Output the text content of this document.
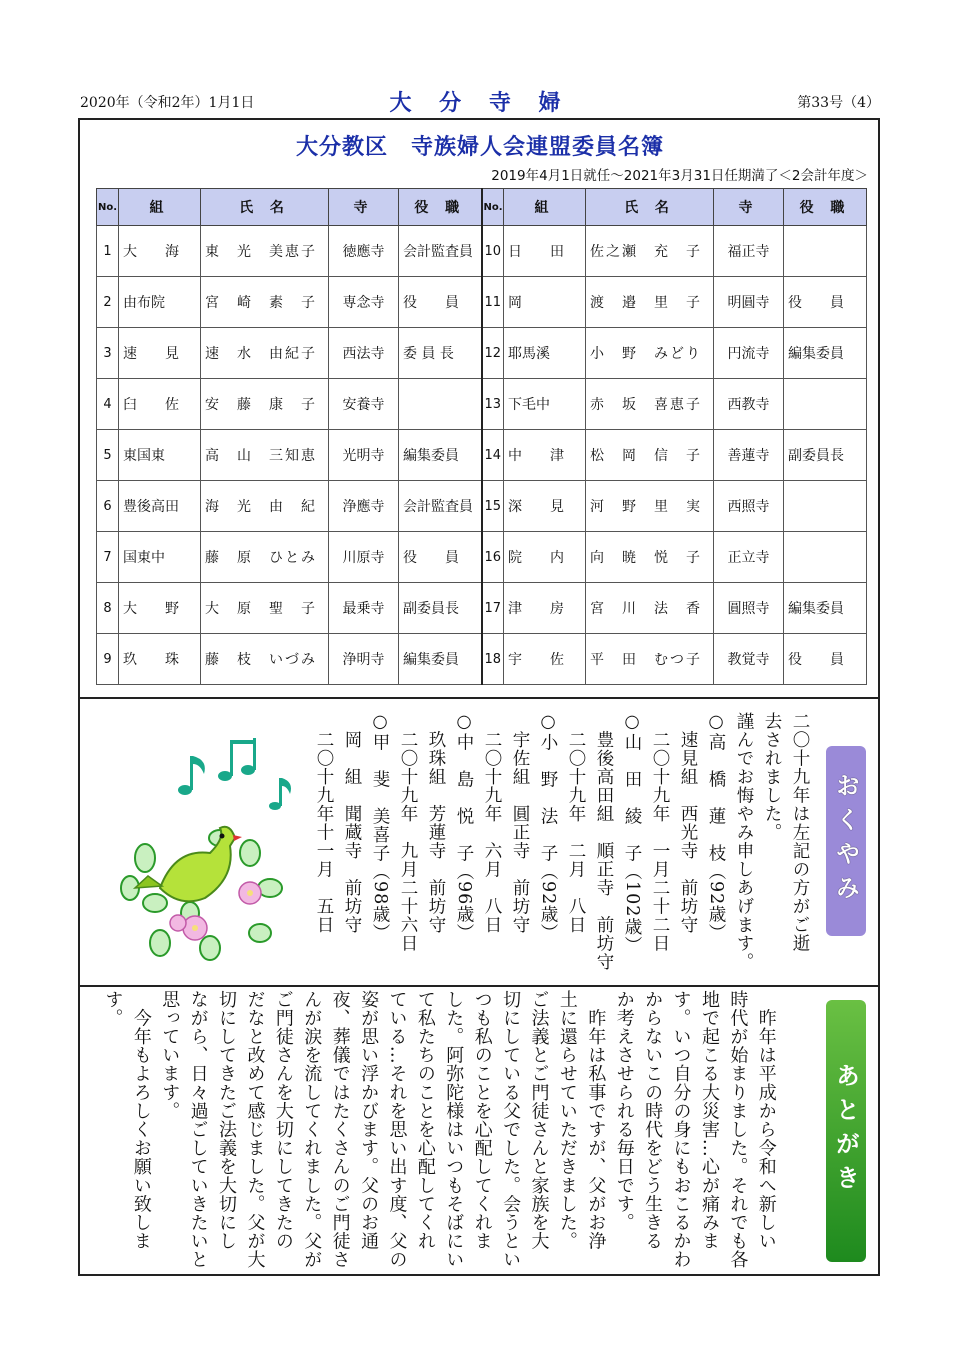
2020年（令和2年）1月1日	大 分 寺 婦	第33号（4）
大分教区　寺族婦人会連盟委員名簿
2019年4月1日就任～2021年3月31日任期満了＜2会計年度＞
No.	組	氏 名	寺	役 職	No.	組	氏 名	寺	役 職
1	大　　海	東　光　美恵子	徳應寺	会計監査員	10	日　　田	佐之瀬　充　子	福正寺	
2	由布院	宮　崎　素　子	専念寺	役　　員	11	岡	渡　邉　里　子	明圓寺	役　　員
3	速　　見	速　水　由紀子	西法寺	委 員 長	12	耶馬溪	小　野　みどり	円流寺	編集委員
4	臼　　佐	安　藤　康　子	安養寺		13	下毛中	赤　坂　喜恵子	西教寺	
5	東国東	高　山　三知恵	光明寺	編集委員	14	中　　津	松　岡　信　子	善蓮寺	副委員長
6	豊後高田	海　光　由　紀	浄應寺	会計監査員	15	深　　見	河　野　里　実	西照寺	
7	国東中	藤　原　ひとみ	川原寺	役　　員	16	院　　内	向　暁　悦　子	正立寺	
8	大　　野	大　原　聖　子	最乗寺	副委員長	17	津　　房	宮　川　法　香	圓照寺	編集委員
9	玖　　珠	藤　枝　いづみ	浄明寺	編集委員	18	宇　　佐	平　田　むつ子	教覚寺	役　　員
おくやみ
二〇十九年は左記の方がご逝
去されました。
謹んでお悔やみ申しあげます。
○高　橋　蓮　枝（92歳）
　速見組　西光寺　前坊守
　二〇十九年　一月二十二日
○山　田　綾　子（102歳）
　豊後高田組　順正寺　前坊守
　二〇十九年　二月　八日
○小　野　法　子（92歳）
　宇佐組　圓正寺　前坊守
　二〇十九年　六月　八日
○中　島　悦　子（96歳）
　玖珠組　芳蓮寺　前坊守
　二〇十九年　九月二十六日
○甲　斐　美喜子（98歳）
　岡　組　聞蔵寺　前坊守
　二〇十九年十一月　五日
あとがき
　昨年は平成から令和へ新しい
時代が始まりました。それでも各
地で起こる大災害…心が痛みま
す。いつ自分の身にもおこるかわ
からないこの時代をどう生きる
か考えさせられる毎日です。
　昨年は私事ですが、父がお浄
土に還らせていただきました。
ご法義とご門徒さんと家族を大
切にしている父でした。会うとい
つも私のことを心配してくれま
した。阿弥陀様はいつもそばにい
て私たちのことを心配してくれ
ている…それを思い出す度、父の
姿が思い浮かびます。父のお通
夜、葬儀ではたくさんのご門徒さ
んが涙を流してくれました。父が
ご門徒さんを大切にしてきたの
だなと改めて感じました。父が大
切にしてきたご法義を大切にし
ながら、日々過ごしていきたいと
思っています。
　今年もよろしくお願い致しま
す。
